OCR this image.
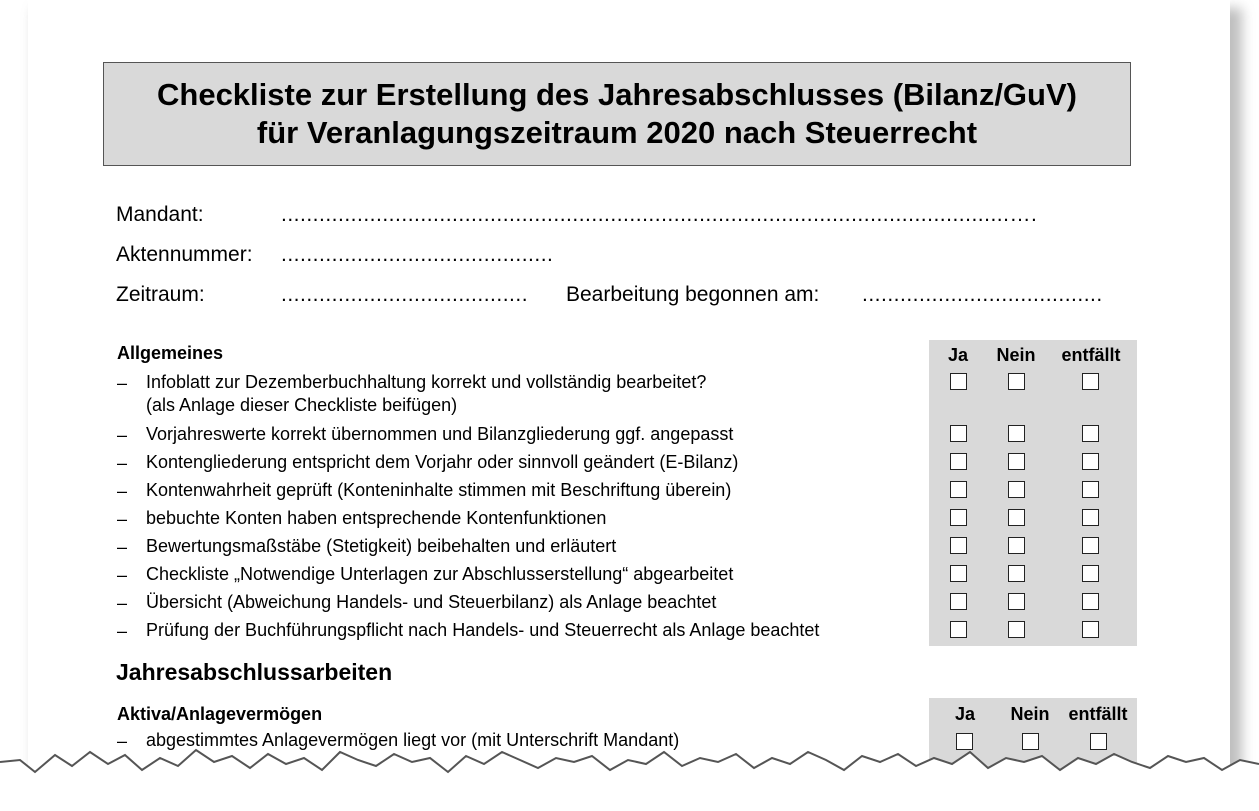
Checkliste zur Erstellung des Jahresabschlusses (Bilanz/GuV)
für Veranlagungszeitraum 2020 nach Steuerrecht
Mandant:	...................................................................................................................….
Aktennummer: ...........................................
Zeitraum:	....................................... Bearbeitung begonnen am: ......................................
Allgemeines	Ja	Nein	entfällt
– Infoblatt zur Dezemberbuchhaltung korrekt und vollständig bearbeitet?
(als Anlage dieser Checkliste beifügen)
– Vorjahreswerte korrekt übernommen und Bilanzgliederung ggf. angepasst
– Kontengliederung entspricht dem Vorjahr oder sinnvoll geändert (E-Bilanz)
– Kontenwahrheit geprüft (Konteninhalte stimmen mit Beschriftung überein)
– bebuchte Konten haben entsprechende Kontenfunktionen
– Bewertungsmaßstäbe (Stetigkeit) beibehalten und erläutert
– Checkliste „Notwendige Unterlagen zur Abschlusserstellung“ abgearbeitet
– Übersicht (Abweichung Handels- und Steuerbilanz) als Anlage beachtet
– Prüfung der Buchführungspflicht nach Handels- und Steuerrecht als Anlage beachtet
Jahresabschlussarbeiten
Aktiva/Anlagevermögen	Ja	Nein	entfällt
– abgestimmtes Anlagevermögen liegt vor (mit Unterschrift Mandant)
